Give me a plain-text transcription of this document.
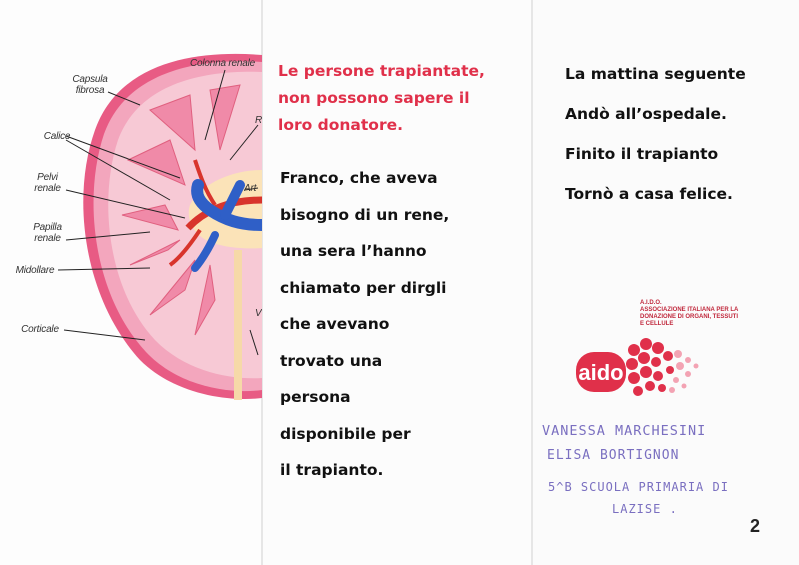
Capsula
fibrosa
Calice
Pelvi
renale
Papilla
renale
Midollare
Corticale
Colonna renale
Art
R
V
Le persone trapiantate,
non possono sapere il
loro donatore.
Franco, che aveva
bisogno di un rene,
una sera l’hanno
chiamato per dirgli
che avevano
trovato una
persona
disponibile per
il trapianto.
La mattina seguente
Andò all’ospedale.
Finito il trapianto
Tornò a casa felice.
A.I.D.O.
ASSOCIAZIONE ITALIANA PER LA
DONAZIONE DI ORGANI, TESSUTI
E CELLULE
aido
VANESSA MARCHESINI
ELISA BORTIGNON
5^B SCUOLA PRIMARIA DI
LAZISE .
2
